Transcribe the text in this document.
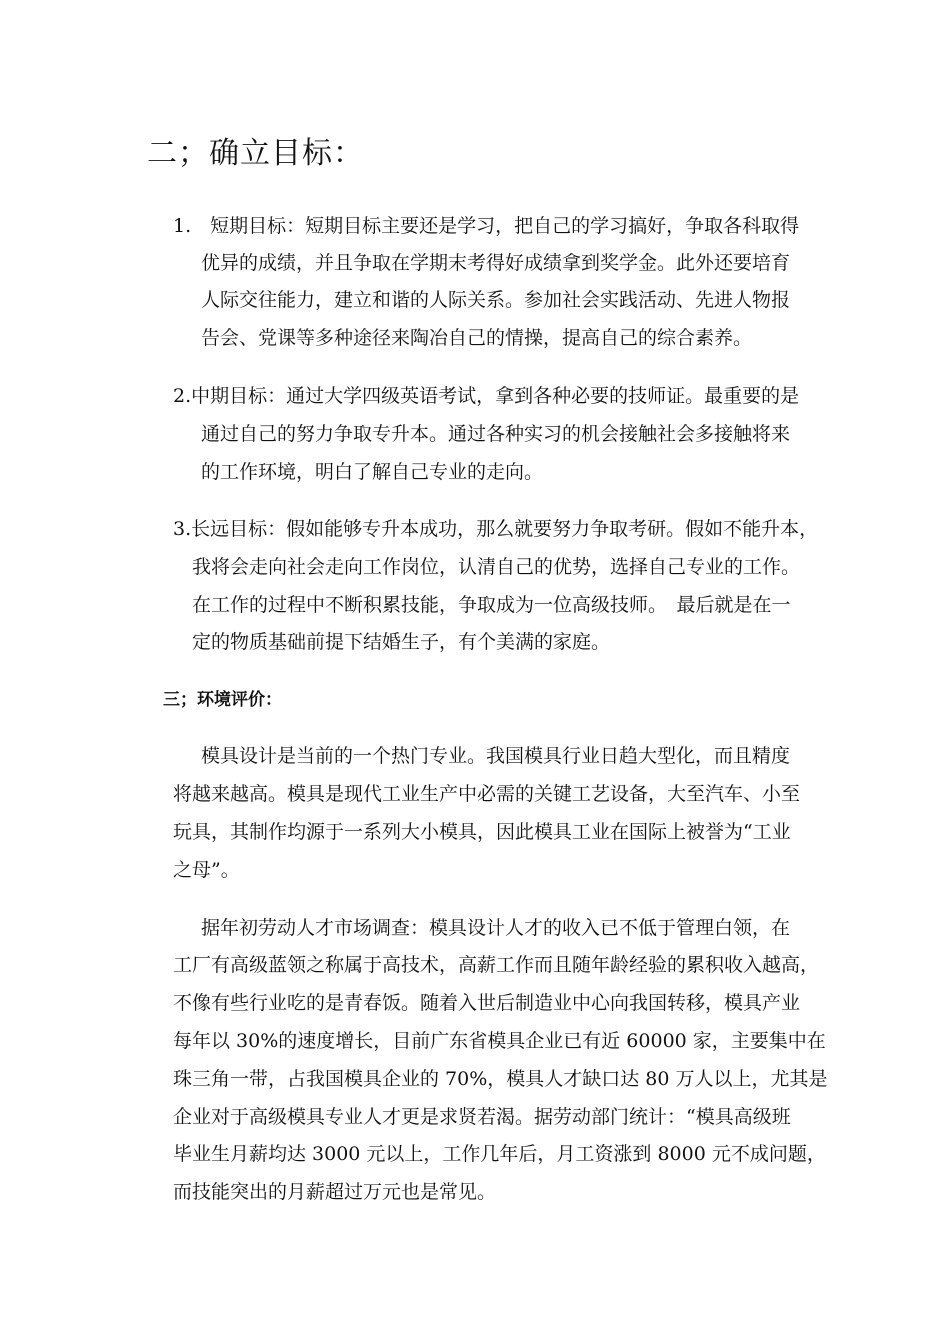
二；确立目标：

1.　短期目标：短期目标主要还是学习，把自己的学习搞好，争取各科取得

优异的成绩，并且争取在学期末考得好成绩拿到奖学金。此外还要培育

人际交往能力，建立和谐的人际关系。参加社会实践活动、先进人物报

告会、党课等多种途径来陶冶自己的情操，提高自己的综合素养。

2.中期目标：通过大学四级英语考试，拿到各种必要的技师证。最重要的是

通过自己的努力争取专升本。通过各种实习的机会接触社会多接触将来

的工作环境，明白了解自己专业的走向。

3.长远目标：假如能够专升本成功，那么就要努力争取考研。假如不能升本，

我将会走向社会走向工作岗位，认清自己的优势，选择自己专业的工作。

在工作的过程中不断积累技能，争取成为一位高级技师。　最后就是在一

定的物质基础前提下结婚生子，有个美满的家庭。

三；环境评价：

模具设计是当前的一个热门专业。我国模具行业日趋大型化，而且精度

将越来越高。模具是现代工业生产中必需的关键工艺设备，大至汽车、小至

玩具，其制作均源于一系列大小模具，因此模具工业在国际上被誉为“工业

之母”。

据年初劳动人才市场调查：模具设计人才的收入已不低于管理白领，在

工厂有高级蓝领之称属于高技术，高薪工作而且随年龄经验的累积收入越高，

不像有些行业吃的是青春饭。随着入世后制造业中心向我国转移，模具产业

每年以 30%的速度增长，目前广东省模具企业已有近 60000 家，主要集中在

珠三角一带，占我国模具企业的 70%，模具人才缺口达 80 万人以上，尤其是

企业对于高级模具专业人才更是求贤若渴。据劳动部门统计：“模具高级班

毕业生月薪均达 3000 元以上，工作几年后，月工资涨到 8000 元不成问题，

而技能突出的月薪超过万元也是常见。
